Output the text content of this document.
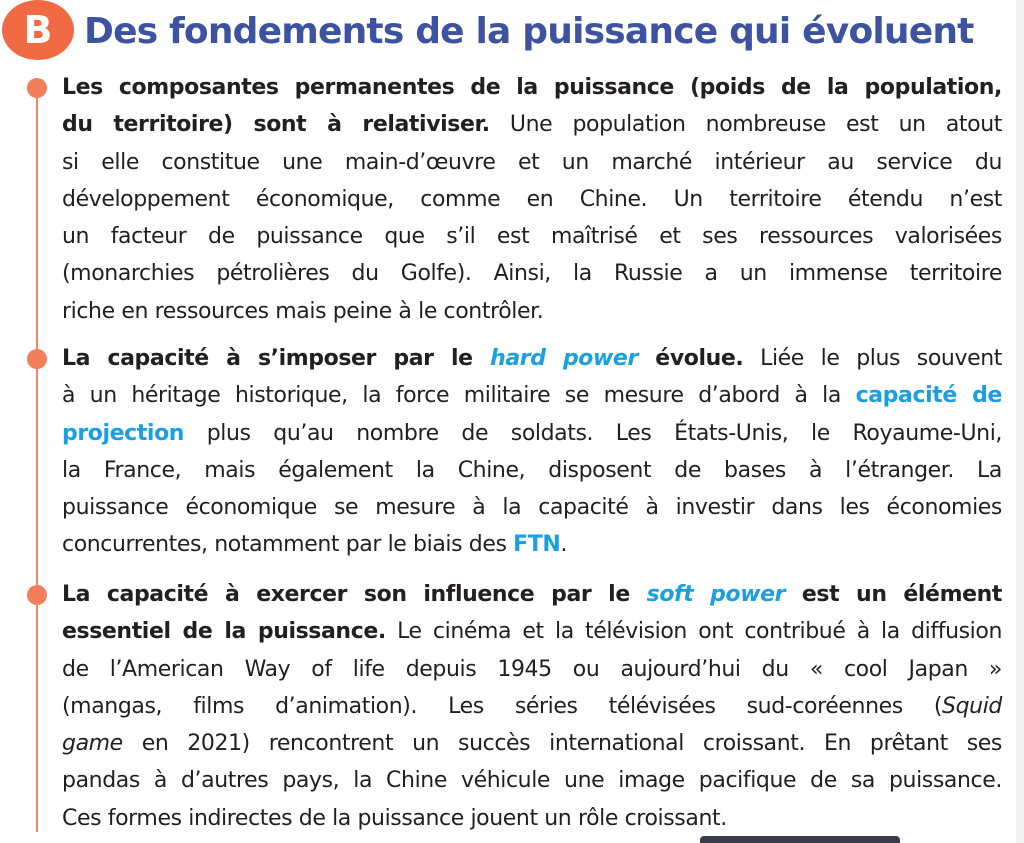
B Des fondements de la puissance qui évoluent
Les composantes permanentes de la puissance (poids de la population,
du territoire) sont à relativiser. Une population nombreuse est un atout
si elle constitue une main-d’œuvre et un marché intérieur au service du
développement économique, comme en Chine. Un territoire étendu n’est
un facteur de puissance que s’il est maîtrisé et ses ressources valorisées
(monarchies pétrolières du Golfe). Ainsi, la Russie a un immense territoire
riche en ressources mais peine à le contrôler.
La capacité à s’imposer par le hard power évolue. Liée le plus souvent
à un héritage historique, la force militaire se mesure d’abord à la capacité de
projection plus qu’au nombre de soldats. Les États-Unis, le Royaume-Uni,
la France, mais également la Chine, disposent de bases à l’étranger. La
puissance économique se mesure à la capacité à investir dans les économies
concurrentes, notamment par le biais des FTN.
La capacité à exercer son influence par le soft power est un élément
essentiel de la puissance. Le cinéma et la télévision ont contribué à la diffusion
de l’American Way of life depuis 1945 ou aujourd’hui du « cool Japan »
(mangas, films d’animation). Les séries télévisées sud-coréennes (Squid
game en 2021) rencontrent un succès international croissant. En prêtant ses
pandas à d’autres pays, la Chine véhicule une image pacifique de sa puissance.
Ces formes indirectes de la puissance jouent un rôle croissant.
